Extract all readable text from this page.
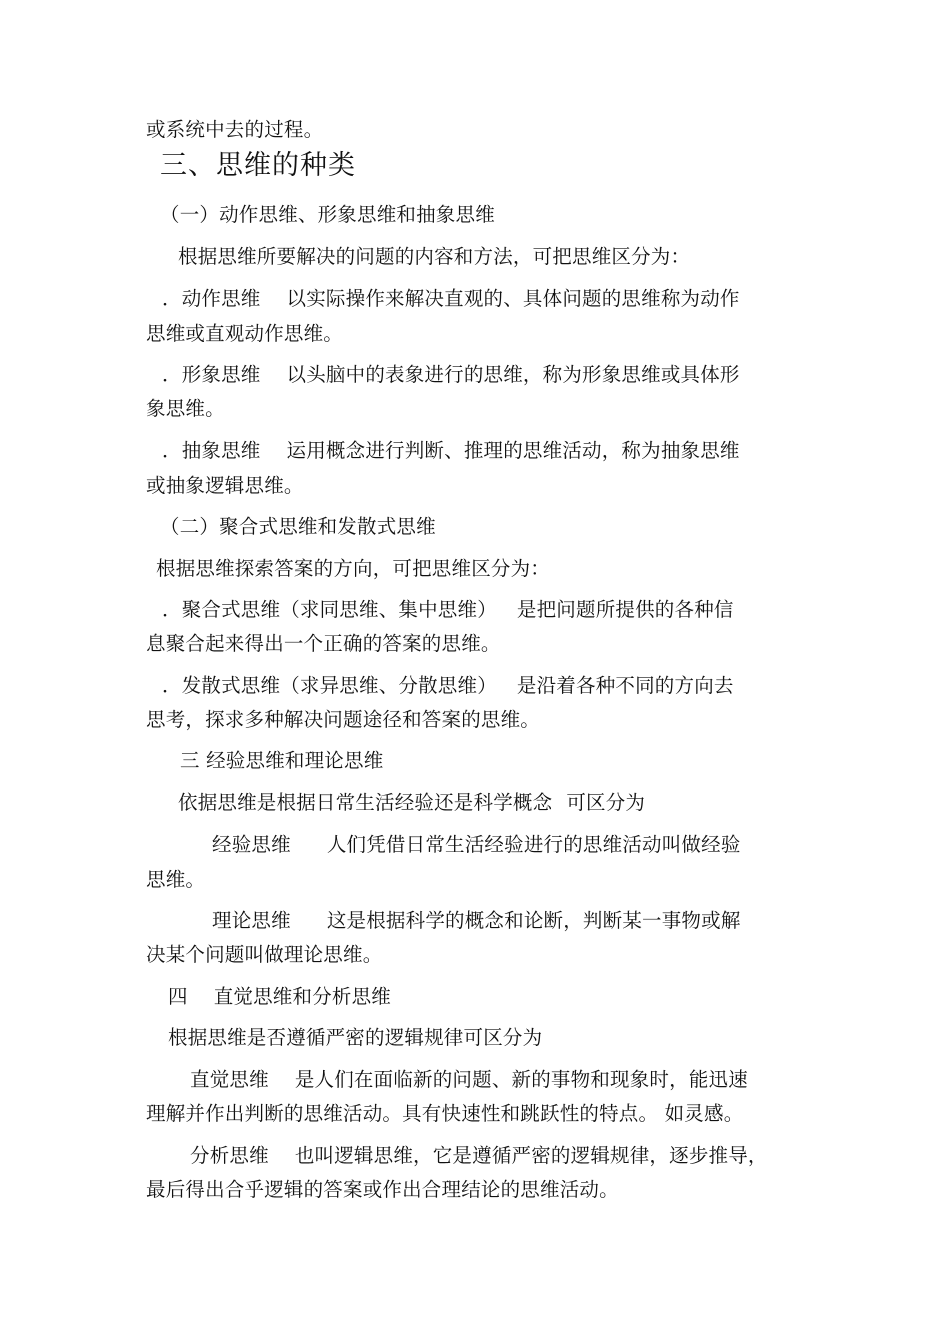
或系统中去的过程。
三、思维的种类
（一）动作思维、形象思维和抽象思维
根据思维所要解决的问题的内容和方法，可把思维区分为：
．动作思维 以实际操作来解决直观的、具体问题的思维称为动作
思维或直观动作思维。
．形象思维 以头脑中的表象进行的思维，称为形象思维或具体形
象思维。
．抽象思维 运用概念进行判断、推理的思维活动，称为抽象思维
或抽象逻辑思维。
（二）聚合式思维和发散式思维
根据思维探索答案的方向，可把思维区分为：
．聚合式思维（求同思维、集中思维） 是把问题所提供的各种信
息聚合起来得出一个正确的答案的思维。
．发散式思维（求异思维、分散思维） 是沿着各种不同的方向去
思考，探求多种解决问题途径和答案的思维。
三 经验思维和理论思维
依据思维是根据日常生活经验还是科学概念 可区分为
经验思维 人们凭借日常生活经验进行的思维活动叫做经验
思维。
理论思维 这是根据科学的概念和论断，判断某一事物或解
决某个问题叫做理论思维。
四 直觉思维和分析思维
根据思维是否遵循严密的逻辑规律可区分为
直觉思维 是人们在面临新的问题、新的事物和现象时，能迅速
理解并作出判断的思维活动。具有快速性和跳跃性的特点。 如灵感。
分析思维 也叫逻辑思维，它是遵循严密的逻辑规律，逐步推导，
最后得出合乎逻辑的答案或作出合理结论的思维活动。
